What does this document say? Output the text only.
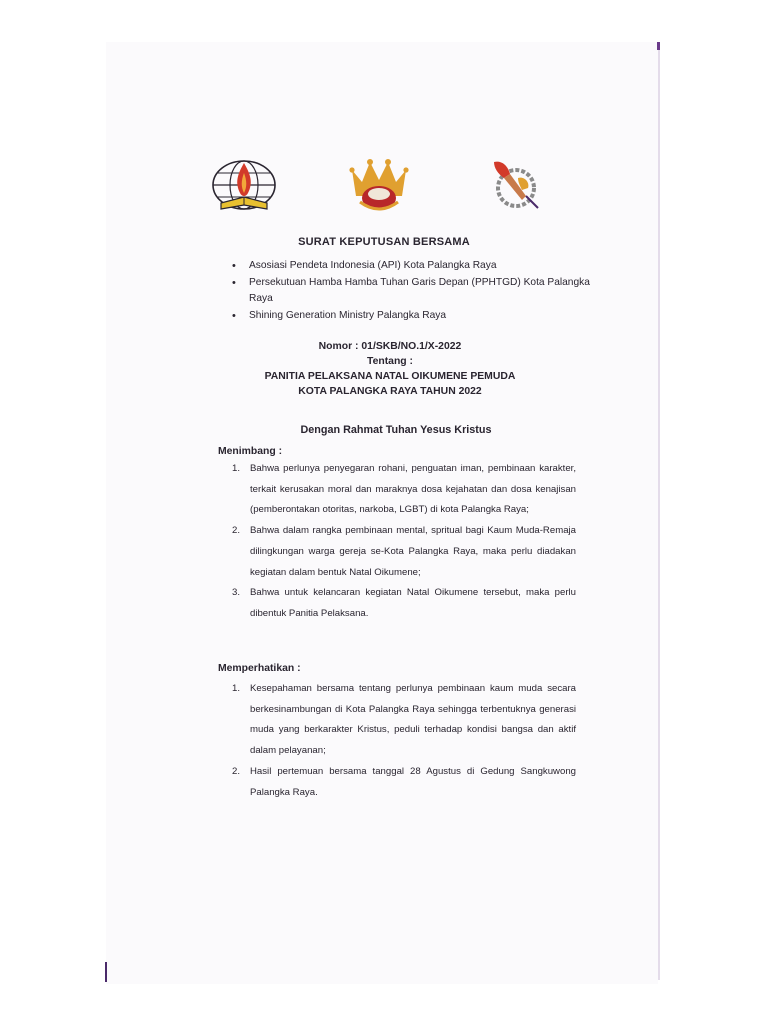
SURAT KEPUTUSAN BERSAMA
• Asosiasi Pendeta Indonesia (API) Kota Palangka Raya
• Persekutuan Hamba Hamba Tuhan Garis Depan (PPHTGD) Kota Palangka Raya
• Shining Generation Ministry Palangka Raya
Nomor : 01/SKB/NO.1/X-2022
Tentang :
PANITIA PELAKSANA NATAL OIKUMENE PEMUDA
KOTA PALANGKA RAYA TAHUN 2022
Dengan Rahmat Tuhan Yesus Kristus
Menimbang :
1. Bahwa perlunya penyegaran rohani, penguatan iman, pembinaan karakter, terkait kerusakan moral dan maraknya dosa kejahatan dan dosa kenajisan (pemberontakan otoritas, narkoba, LGBT) di kota Palangka Raya;
2. Bahwa dalam rangka pembinaan mental, spritual bagi Kaum Muda-Remaja dilingkungan warga gereja se-Kota Palangka Raya, maka perlu diadakan kegiatan dalam bentuk Natal Oikumene;
3. Bahwa untuk kelancaran kegiatan Natal Oikumene tersebut, maka perlu dibentuk Panitia Pelaksana.
Memperhatikan :
1. Kesepahaman bersama tentang perlunya pembinaan kaum muda secara berkesinambungan di Kota Palangka Raya sehingga terbentuknya generasi muda yang berkarakter Kristus, peduli terhadap kondisi bangsa dan aktif dalam pelayanan;
2. Hasil pertemuan bersama tanggal 28 Agustus di Gedung Sangkuwong Palangka Raya.
